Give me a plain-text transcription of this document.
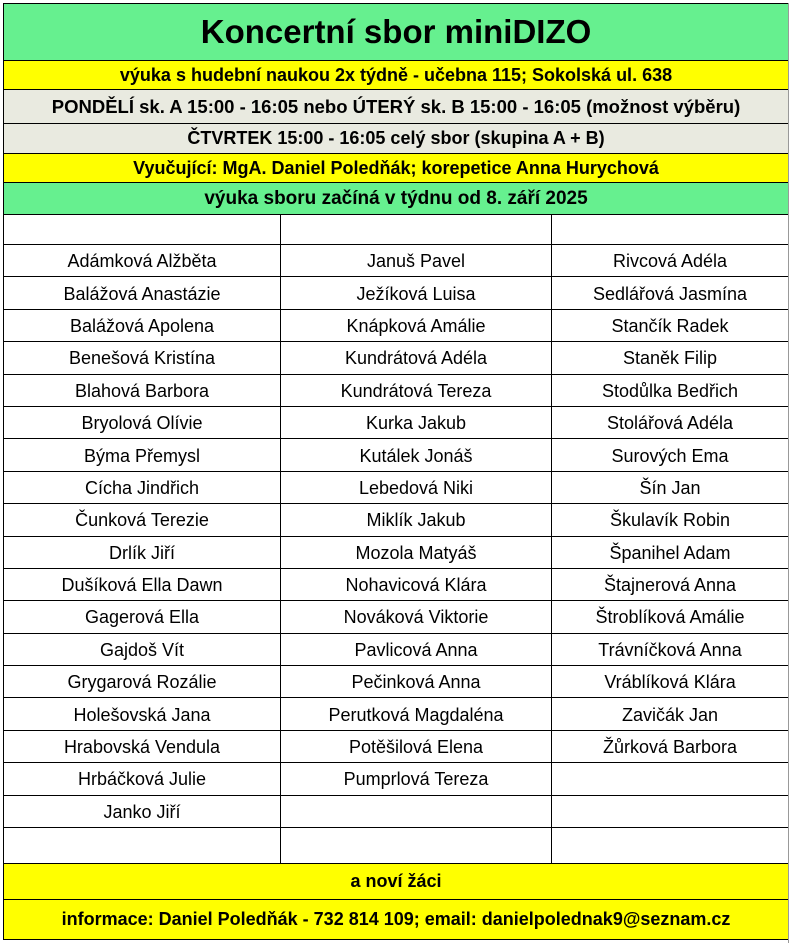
Koncertní sbor miniDIZO		
výuka s hudební naukou 2x týdně - učebna 115; Sokolská ul. 638		
PONDĚLÍ sk. A 15:00 - 16:05 nebo ÚTERÝ sk. B 15:00 - 16:05 (možnost výběru)		
ČTVRTEK 15:00 - 16:05 celý sbor (skupina A + B)		
Vyučující: MgA. Daniel Poledňák; korepetice Anna Hurychová		
výuka sboru začíná v týdnu od 8. září 2025		

Adámková Alžběta	Januš Pavel	Rivcová Adéla
Balážová Anastázie	Ježíková Luisa	Sedlářová Jasmína
Balážová Apolena	Knápková Amálie	Stančík Radek
Benešová Kristína	Kundrátová Adéla	Staněk Filip
Blahová Barbora	Kundrátová Tereza	Stodůlka Bedřich
Bryolová Olívie	Kurka Jakub	Stolářová Adéla
Býma Přemysl	Kutálek Jonáš	Surových Ema
Cícha Jindřich	Lebedová Niki	Šín Jan
Čunková Terezie	Miklík Jakub	Škulavík Robin
Drlík Jiří	Mozola Matyáš	Španihel Adam
Dušíková Ella Dawn	Nohavicová Klára	Štajnerová Anna
Gagerová Ella	Nováková Viktorie	Štroblíková Amálie
Gajdoš Vít	Pavlicová Anna	Trávníčková Anna
Grygarová Rozálie	Pečinková Anna	Vráblíková Klára
Holešovská Jana	Perutková Magdaléna	Zavičák Jan
Hrabovská Vendula	Potěšilová Elena	Žůrková Barbora
Hrbáčková Julie	Pumprlová Tereza	
Janko Jiří		

a noví žáci		
informace: Daniel Poledňák - 732 814 109; email: danielpolednak9@seznam.cz		
